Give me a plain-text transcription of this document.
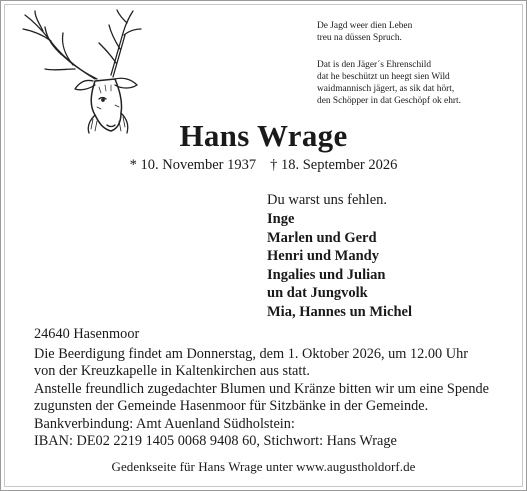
De Jagd weer dien Leben
treu na düssen Spruch.
Dat is den Jäger´s Ehrenschild
dat he beschützt un heegt sien Wild
waidmannisch jägert, as sik dat hört,
den Schöpper in dat Geschöpf ok ehrt.
Hans Wrage
* 10. November 1937 † 18. September 2026
Du warst uns fehlen.
Inge
Marlen und Gerd
Henri und Mandy
Ingalies und Julian
un dat Jungvolk
Mia, Hannes un Michel
24640 Hasenmoor
Die Beerdigung findet am Donnerstag, dem 1. Oktober 2026, um 12.00 Uhr
von der Kreuzkapelle in Kaltenkirchen aus statt.
Anstelle freundlich zugedachter Blumen und Kränze bitten wir um eine Spende
zugunsten der Gemeinde Hasenmoor für Sitzbänke in der Gemeinde.
Bankverbindung: Amt Auenland Südholstein:
IBAN: DE02 2219 1405 0068 9408 60, Stichwort: Hans Wrage
Gedenkseite für Hans Wrage unter www.augustholdorf.de
